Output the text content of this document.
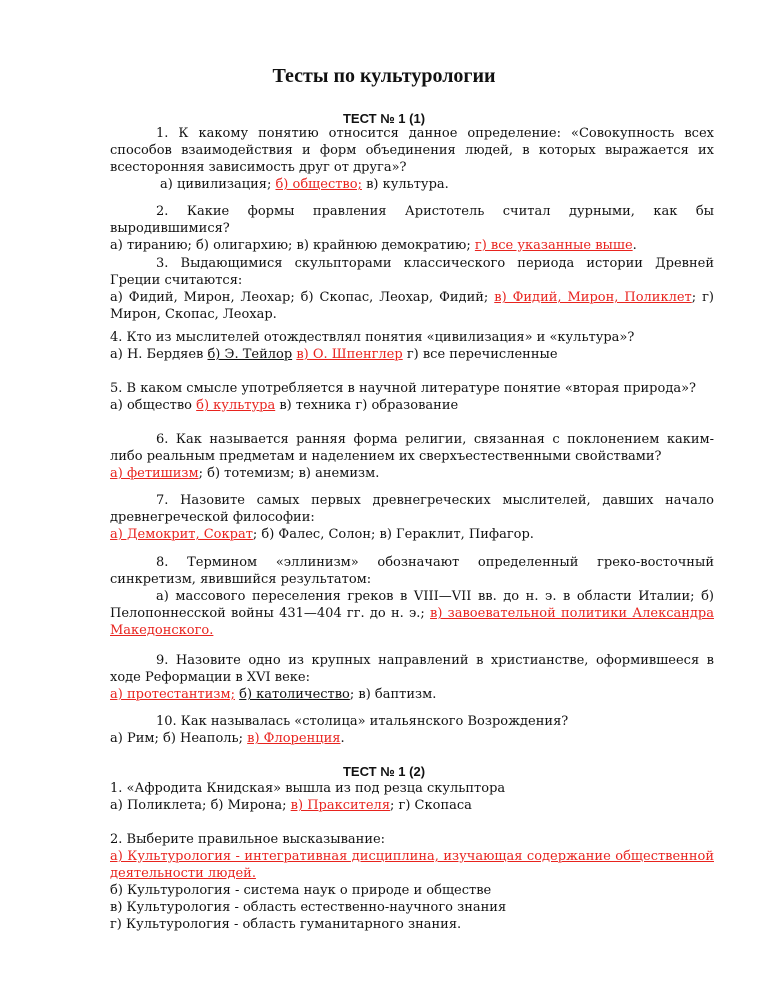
Тесты по культурологии
ТЕСТ № 1 (1)

1. К какому понятию относится данное определение: «Совокупность всех способов взаимодействия и форм объединения людей, в которых выражается их всесторонняя зависимость друг от друга»?

а) цивилизация; б) общество; в) культура.

2. Какие формы правления Аристотель считал дурными, как бы выродившимися?

а) тиранию; б) олигархию; в) крайнюю демократию; г) все указанные выше.

3. Выдающимися скульпторами классического периода истории Древней Греции считаются:

а) Фидий, Мирон, Леохар; б) Скопас, Леохар, Фидий; в) Фидий, Мирон, Поликлет; г) Мирон, Скопас, Леохар.

4. Кто из мыслителей отождествлял понятия «цивилизация» и «культура»?

а) Н. Бердяев б) Э. Тейлор в) О. Шпенглер г) все перечисленные

5. В каком смысле употребляется в научной литературе понятие «вторая природа»?

а) общество б) культура в) техника г) образование

6. Как называется ранняя форма религии, связанная с поклонением каким-либо реальным предметам и наделением их сверхъестественными свойствами?

а) фетишизм; б) тотемизм; в) анемизм.

7. Назовите самых первых древнегреческих мыслителей, давших начало древнегреческой философии:

а) Демокрит, Сократ; б) Фалес, Солон; в) Гераклит, Пифагор.

8. Термином «эллинизм» обозначают определенный греко-восточный синкретизм, явившийся результатом:

а) массового переселения греков в VIII—VII вв. до н. э. в области Италии; б) Пелопоннесской войны 431—404 гг. до н. э.; в) завоевательной политики Александра Македонского.

9. Назовите одно из крупных направлений в христианстве, оформившееся в ходе Реформации в XVI веке:

а) протестантизм; б) католичество; в) баптизм.

10. Как называлась «столица» итальянского Возрождения?

а) Рим; б) Неаполь; в) Флоренция.

ТЕСТ № 1 (2)

1. «Афродита Книдская» вышла из под резца скульптора

а) Поликлета; б) Мирона; в) Праксителя; г) Скопаса

2. Выберите правильное высказывание:

а) Культурология - интегративная дисциплина, изучающая содержание общественной деятельности людей.

б) Культурология - система наук о природе и обществе

в) Культурология - область естественно-научного знания

г) Культурология - область гуманитарного знания.
